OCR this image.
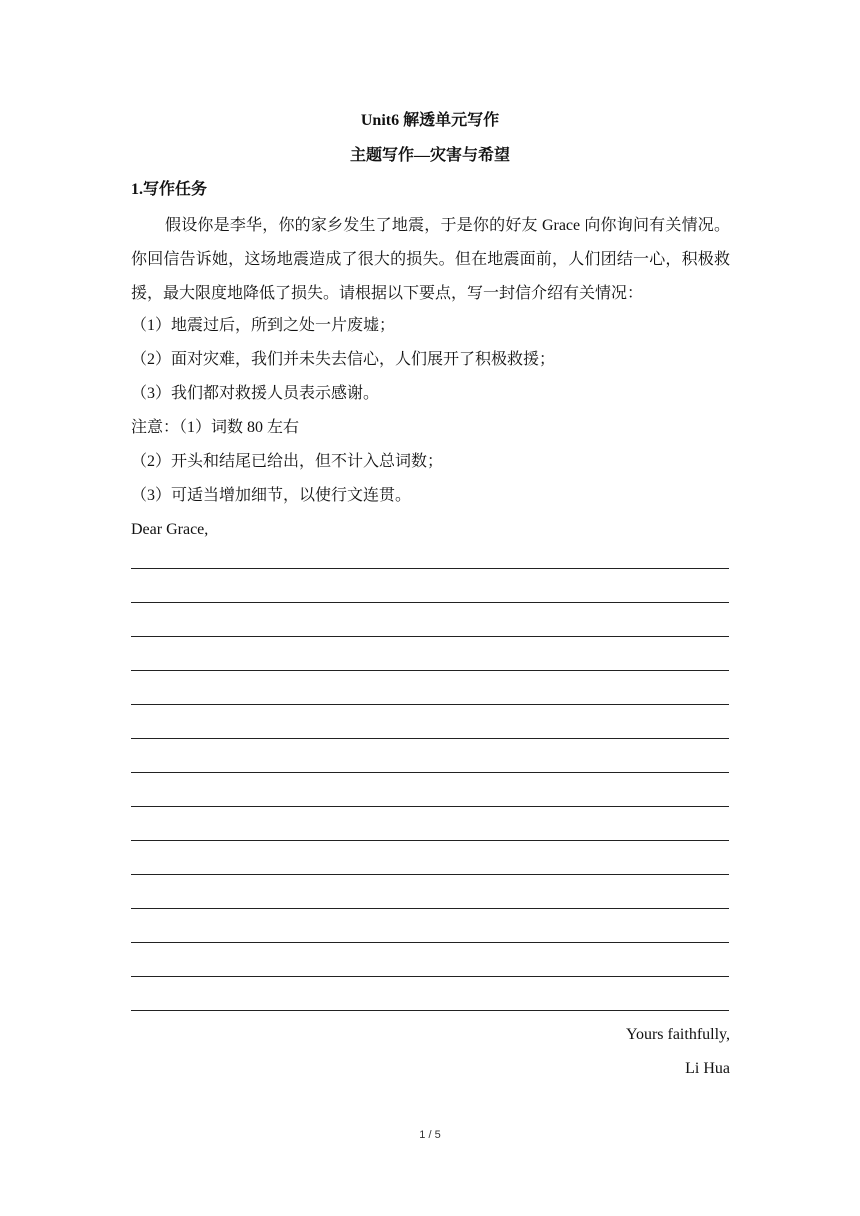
Unit6 解透单元写作
主题写作—灾害与希望
1.写作任务

假设你是李华，你的家乡发生了地震，于是你的好友 Grace 向你询问有关情况。你回信告诉她，这场地震造成了很大的损失。但在地震面前，人们团结一心，积极救援，最大限度地降低了损失。请根据以下要点，写一封信介绍有关情况：

（1）地震过后，所到之处一片废墟；
（2）面对灾难，我们并未失去信心，人们展开了积极救援；
（3）我们都对救援人员表示感谢。
注意：（1）词数 80 左右
（2）开头和结尾已给出，但不计入总词数；
（3）可适当增加细节，以使行文连贯。
Dear Grace,
Yours faithfully,
Li Hua
1 / 5
